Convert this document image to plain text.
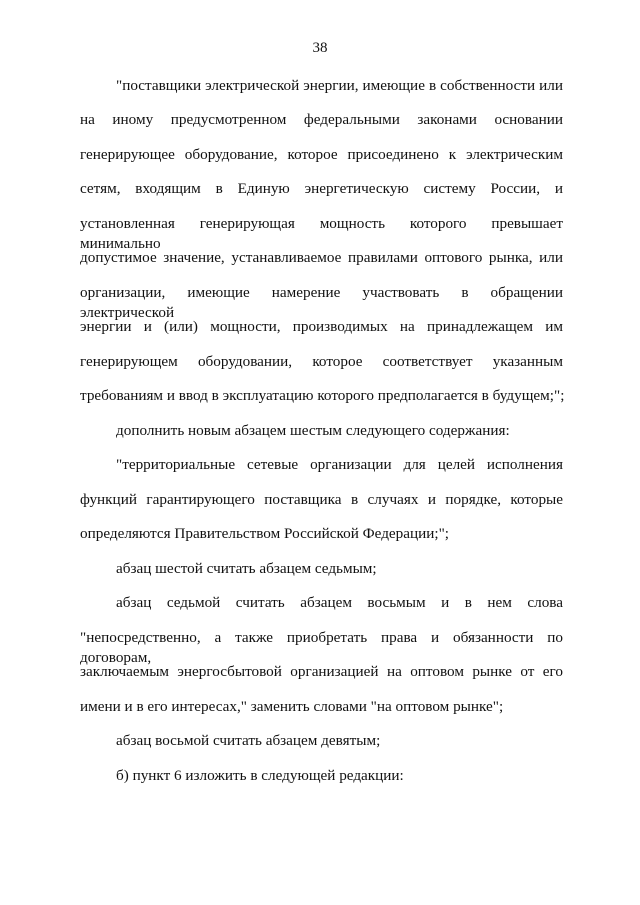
38
"поставщики электрической энергии, имеющие в собственности или
на иному предусмотренном федеральными законами основании
генерирующее оборудование, которое присоединено к электрическим
сетям, входящим в Единую энергетическую систему России, и
установленная генерирующая мощность которого превышает минимально
допустимое значение, устанавливаемое правилами оптового рынка, или
организации, имеющие намерение участвовать в обращении электрической
энергии и (или) мощности, производимых на принадлежащем им
генерирующем оборудовании, которое соответствует указанным
требованиям и ввод в эксплуатацию которого предполагается в будущем;";
дополнить новым абзацем шестым следующего содержания:
"территориальные сетевые организации для целей исполнения
функций гарантирующего поставщика в случаях и порядке, которые
определяются Правительством Российской Федерации;";
абзац шестой считать абзацем седьмым;
абзац седьмой считать абзацем восьмым и в нем слова
"непосредственно, а также приобретать права и обязанности по договорам,
заключаемым энергосбытовой организацией на оптовом рынке от его
имени и в его интересах," заменить словами "на оптовом рынке";
абзац восьмой считать абзацем девятым;
б) пункт 6 изложить в следующей редакции:
